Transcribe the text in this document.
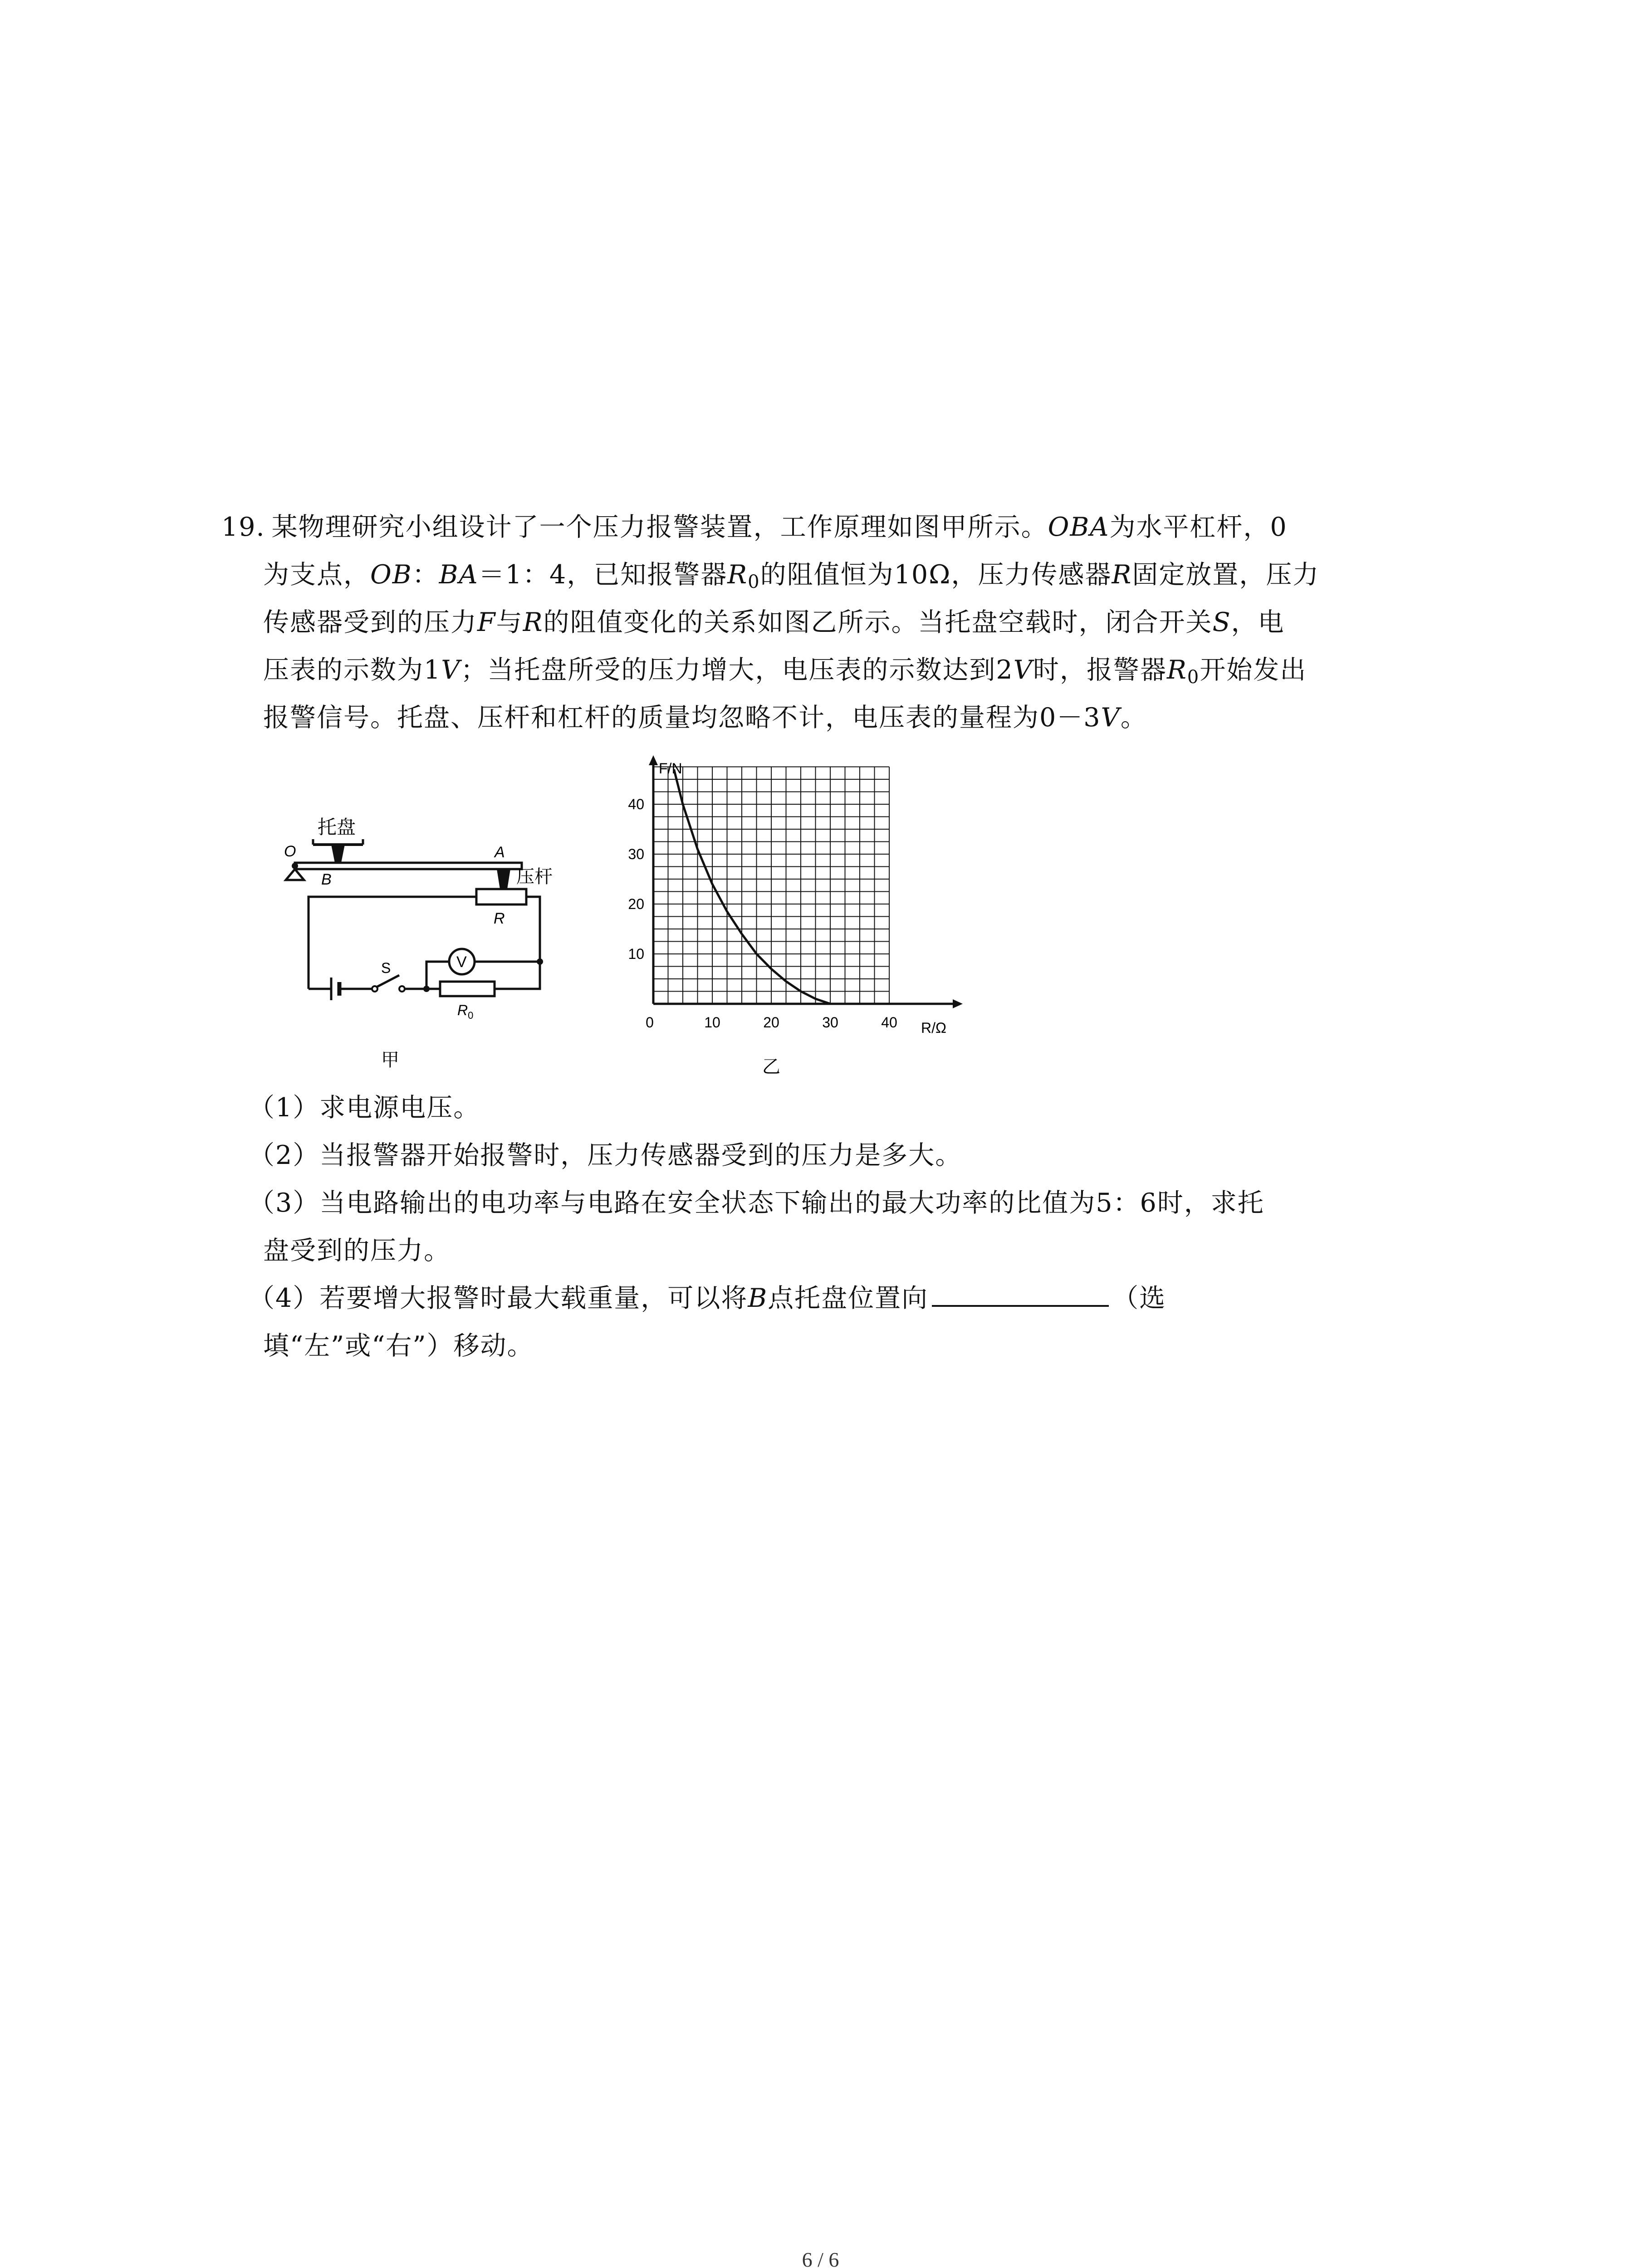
19. 某物理研究小组设计了一个压力报警装置，工作原理如图甲所示。OBA为水平杠杆，0
为支点，OB：BA＝1：4，已知报警器$R_0$的阻值恒为10Ω，压力传感器R固定放置，压力
传感器受到的压力F与R的阻值变化的关系如图乙所示。当托盘空载时，闭合开关S，电
压表的示数为1V；当托盘所受的压力增大，电压表的示数达到2V时，报警器$R_0$开始发出
报警信号。托盘、压杆和杠杆的质量均忽略不计，电压表的量程为0－3V。
O
托盘
B
A
压杆
R
S	V
$R_0$
甲
F/N
R/Ω
0	10	20	30	40
10
20
30
40
乙
（1）求电源电压。
（2）当报警器开始报警时，压力传感器受到的压力是多大。
（3）当电路输出的电功率与电路在安全状态下输出的最大功率的比值为5：6时，求托
盘受到的压力。
（4）若要增大报警时最大载重量，可以将B点托盘位置向	（选
填“左”或“右”）移动。
6 / 6
